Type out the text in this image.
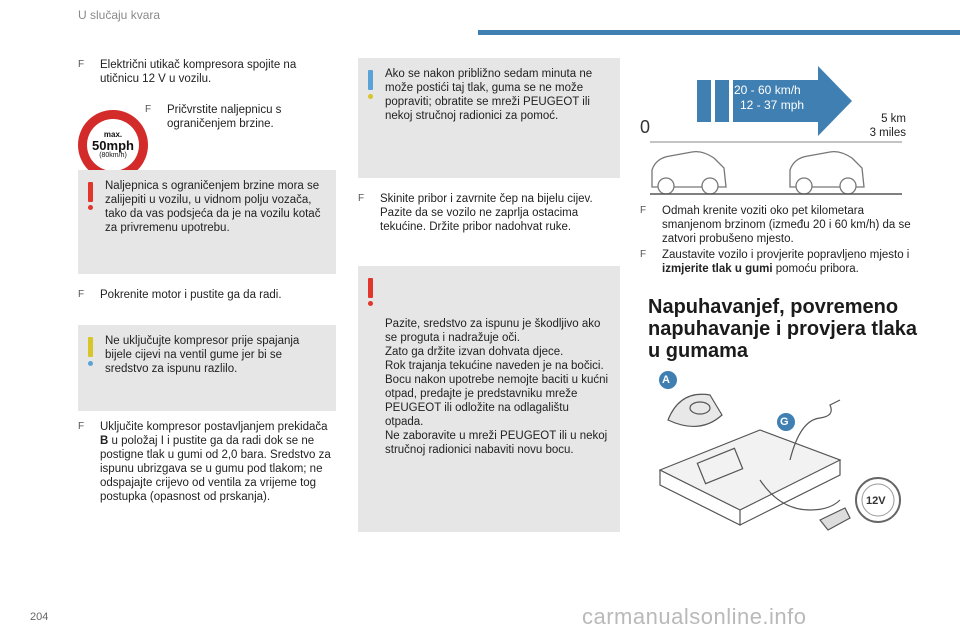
U slučaju kvara
F	Električni utikač kompresora spojite na utičnicu 12 V u vozilu.
max.
50mph
(80km/h)
F	Pričvrstite naljepnicu s ograničenjem brzine.
Naljepnica s ograničenjem brzine mora se zalijepiti u vozilu, u vidnom polju vozača, tako da vas podsjeća da je na vozilu kotač za privremenu upotrebu.
F	Pokrenite motor i pustite ga da radi.
Ne uključujte kompresor prije spajanja bijele cijevi na ventil gume jer bi se sredstvo za ispunu razlilo.
F	Uključite kompresor postavljanjem prekidača B u položaj I i pustite ga da radi dok se ne postigne tlak u gumi od 2,0 bara. Sredstvo za ispunu ubrizgava se u gumu pod tlakom; ne odspajajte crijevo od ventila za vrijeme tog postupka (opasnost od prskanja).
Ako se nakon približno sedam minuta ne može postići taj tlak, guma se ne može popraviti; obratite se mreži PEUGEOT ili nekoj stručnoj radionici za pomoć.
F	Skinite pribor i zavrnite čep na bijelu cijev. Pazite da se vozilo ne zaprlja ostacima tekućine. Držite pribor nadohvat ruke.

Pazite, sredstvo za ispunu je škodljivo ako se proguta i nadražuje oči.
Zato ga držite izvan dohvata djece.
Rok trajanja tekućine naveden je na bočici.
Bocu nakon upotrebe nemojte baciti u kućni otpad, predajte je predstavniku mreže PEUGEOT ili odložite na odlagalištu otpada.
Ne zaboravite u mreži PEUGEOT ili u nekoj stručnoj radionici nabaviti novu bocu.

20 - 60 km/h
12 - 37 mph
0	5 km
3 miles
F	Odmah krenite voziti oko pet kilometara smanjenom brzinom (između 20 i 60 km/h) da se zatvori probušeno mjesto.
F	Zaustavite vozilo i provjerite popravljeno mjesto i izmjerite tlak u gumi pomoću pribora.
Napuhavanjef, povremeno napuhavanje i provjera tlaka u gumama
A
G
12V
204	carmanualsonline.info
